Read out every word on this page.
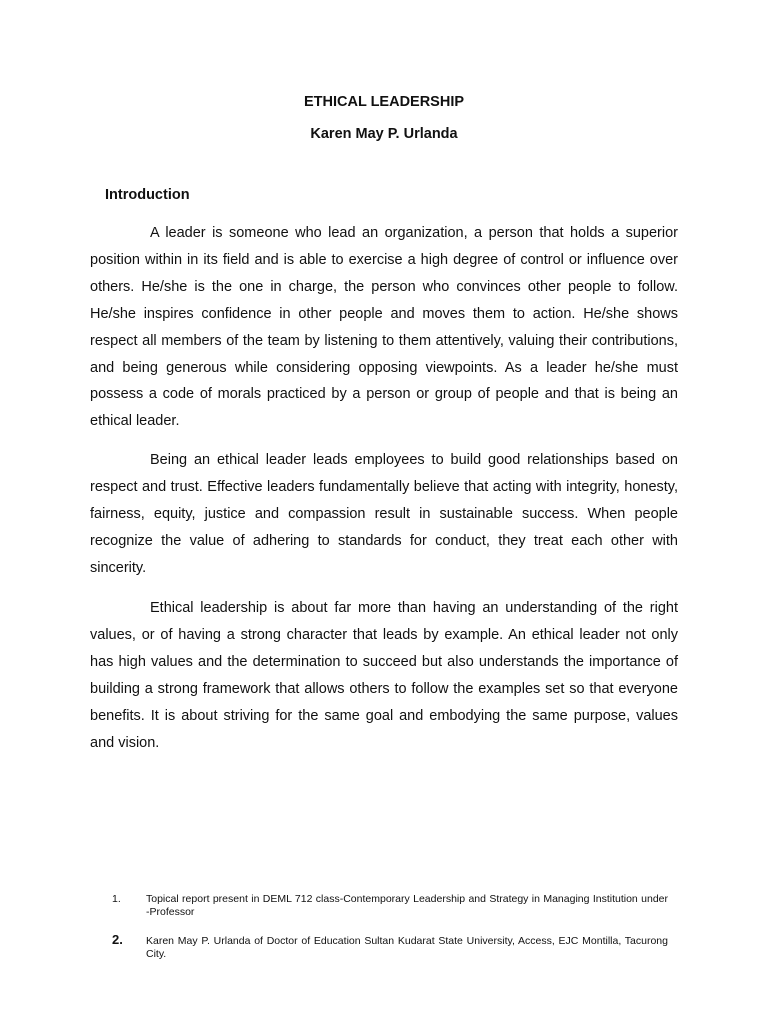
ETHICAL LEADERSHIP

Karen May P. Urlanda

Introduction

A leader is someone who lead an organization, a person that holds a superior position within in its field and is able to exercise a high degree of control or influence over others. He/she is the one in charge, the person who convinces other people to follow. He/she inspires confidence in other people and moves them to action. He/she shows respect all members of the team by listening to them attentively, valuing their contributions, and being generous while considering opposing viewpoints. As a leader he/she must possess a code of morals practiced by a person or group of people and that is being an ethical leader.

Being an ethical leader leads employees to build good relationships based on respect and trust. Effective leaders fundamentally believe that acting with integrity, honesty, fairness, equity, justice and compassion result in sustainable success. When people recognize the value of adhering to standards for conduct, they treat each other with sincerity.

Ethical leadership is about far more than having an understanding of the right values, or of having a strong character that leads by example. An ethical leader not only has high values and the determination to succeed but also understands the importance of building a strong framework that allows others to follow the examples set so that everyone benefits. It is about striving for the same goal and embodying the same purpose, values and vision.

1. Topical report present in DEML 712 class-Contemporary Leadership and Strategy in Managing Institution under -Professor
2. Karen May P. Urlanda of Doctor of Education Sultan Kudarat State University, Access, EJC Montilla, Tacurong City.
